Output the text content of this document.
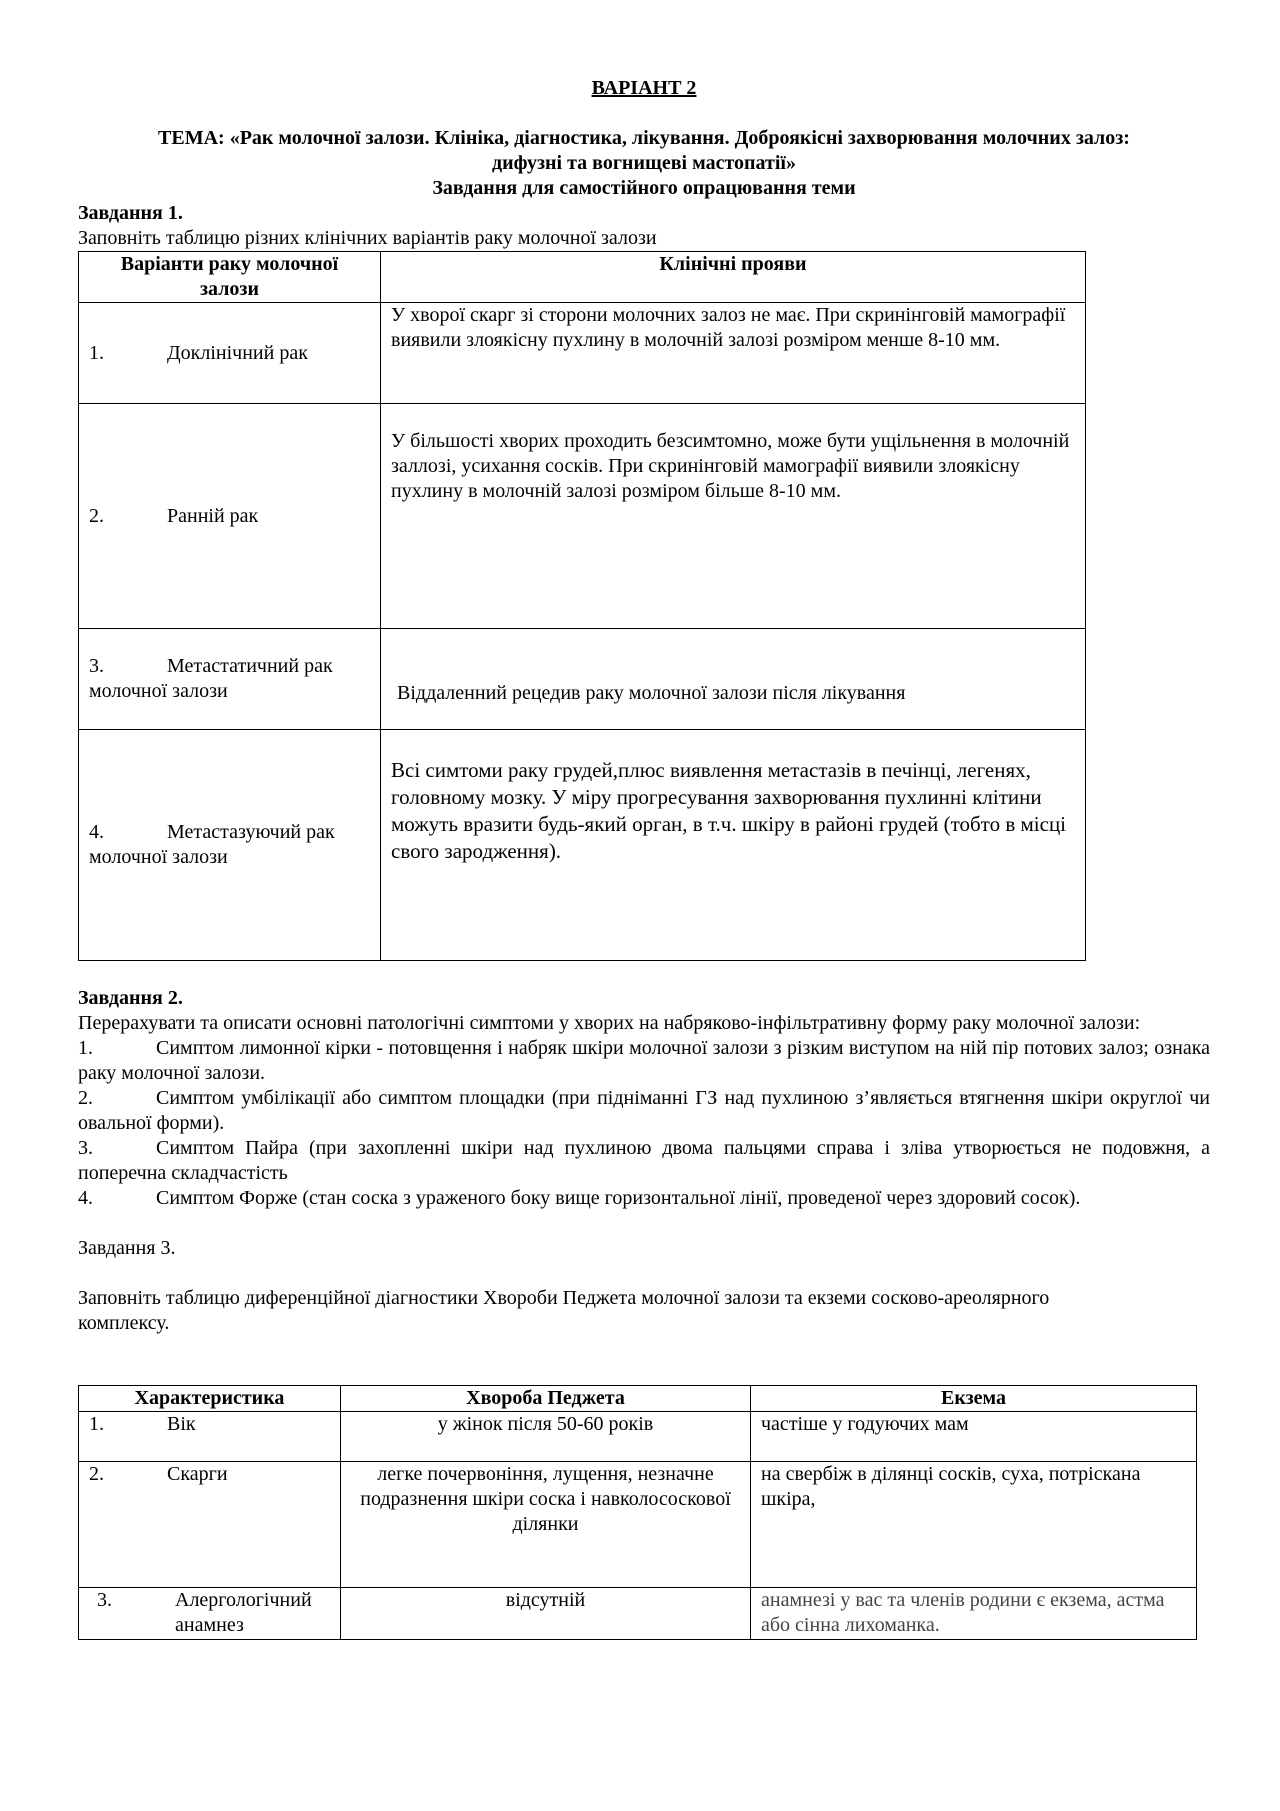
ВАРІАНТ 2
ТЕМА: «Рак молочної залози. Клініка, діагностика, лікування. Доброякісні захворювання молочних залоз:
дифузні та вогнищеві мастопатії»
Завдання для самостійного опрацювання теми
Завдання 1.
Заповніть таблицю різних клінічних варіантів раку молочної залози
Варіанти раку молочної залози	Клінічні прояви
1. Доклінічний рак	У хворої скарг зі сторони молочних залоз не має. При скринінговій мамографії виявили злоякісну пухлину в молочній залозі розміром менше 8-10 мм.
2. Ранній рак	У більшості хворих проходить безсимтомно, може бути ущільнення в молочній заллозі, усихання сосків. При скринінговій мамографії виявили злоякісну пухлину в молочній залозі розміром більше 8-10 мм.
3. Метастатичний рак молочної залози	Віддаленний рецедив раку молочної залози після лікування
4. Метастазуючий рак молочної залози	Всі симтоми раку грудей,плюс виявлення метастазів в печінці, легенях, головному мозку. У міру прогресування захворювання пухлинні клітини можуть вразити будь-який орган, в т.ч. шкіру в районі грудей (тобто в місці свого зародження).
Завдання 2.
Перерахувати та описати основні патологічні симптоми у хворих на набряково-інфільтративну форму раку молочної залози:
1.	Симптом лимонної кірки - потовщення і набряк шкіри молочної залози з різким виступом на ній пір потових залоз; ознака раку молочної залози.
2.	Симптом умбілікації або симптом площадки (при підніманні ГЗ над пухлиною з’являється втягнення шкіри округлої чи овальної форми).
3.	Симптом Пайра (при захопленні шкіри над пухлиною двома пальцями справа і зліва утворюється не подовжня, а поперечна складчастість
4.	Симптом Форже (стан соска з ураженого боку вище горизонтальної лінії, проведеної через здоровий сосок).
Завдання 3.
Заповніть таблицю диференційної діагностики Хвороби Педжета молочної залози та екземи сосково-ареолярного комплексу.
Характеристика	Хвороба Педжета	Екзема
1. Вік	у жінок після 50-60 років	частіше у годуючих мам
2. Скарги	легке почервоніння, лущення, незначне подразнення шкіри соска і навколососкової ділянки	на свербіж в ділянці сосків, суха, потріскана шкіра,

3. Алергологічний анамнез	відсутній	анамнезі у вас та членів родини є екзема, астма або сінна лихоманка.
